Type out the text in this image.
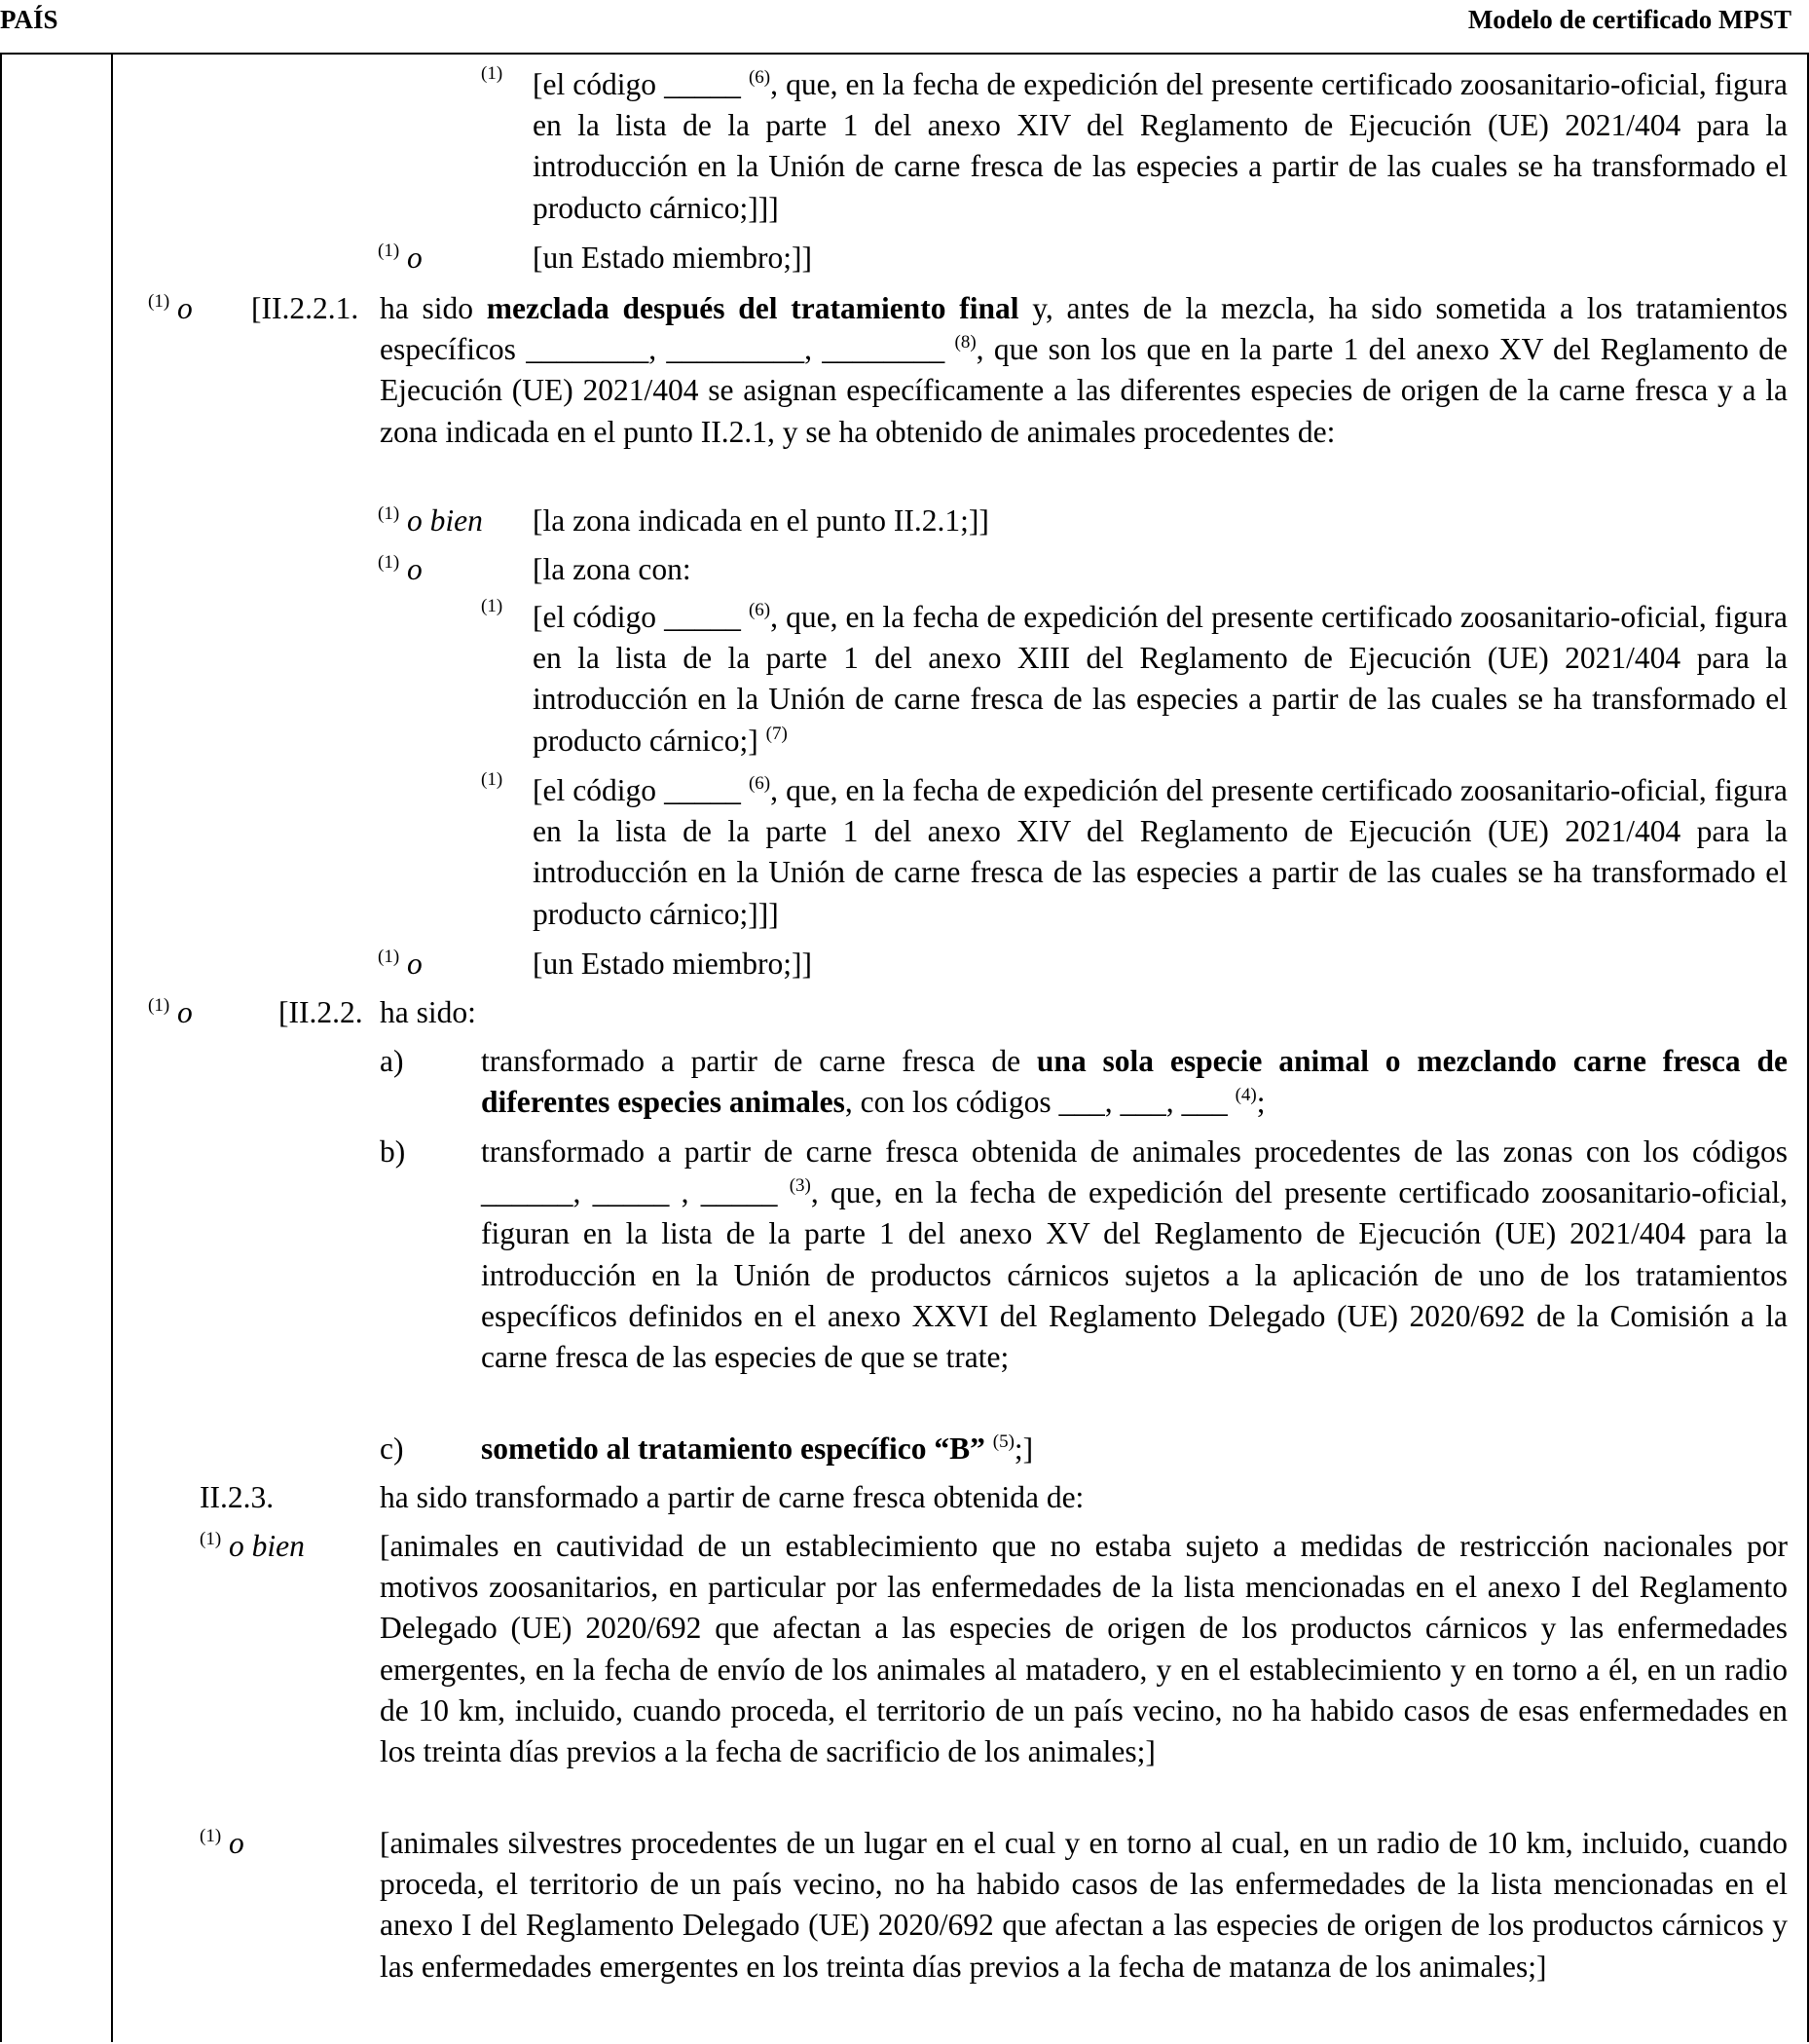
PAÍS	Modelo de certificado MPST
$^{(1)}$ [el código _____ $^{(6)}$, que, en la fecha de expedición del presente certificado zoosanitario-oficial, figura en la lista de la parte 1 del anexo XIV del Reglamento de Ejecución (UE) 2021/404 para la introducción en la Unión de carne fresca de las especies a partir de las cuales se ha transformado el producto cárnico;]]]
$^{(1)}$ o	[un Estado miembro;]]
$^{(1)}$ o [II.2.2.1. ha sido mezclada después del tratamiento final y, antes de la mezcla, ha sido sometida a los tratamientos específicos ________, _________, ________ $^{(8)}$, que son los que en la parte 1 del anexo XV del Reglamento de Ejecución (UE) 2021/404 se asignan específicamente a las diferentes especies de origen de la carne fresca y a la zona indicada en el punto II.2.1, y se ha obtenido de animales procedentes de:
$^{(1)}$ o bien [la zona indicada en el punto II.2.1;]]
$^{(1)}$ o	[la zona con:
$^{(1)}$ [el código _____ $^{(6)}$, que, en la fecha de expedición del presente certificado zoosanitario-oficial, figura en la lista de la parte 1 del anexo XIII del Reglamento de Ejecución (UE) 2021/404 para la introducción en la Unión de carne fresca de las especies a partir de las cuales se ha transformado el producto cárnico;] $^{(7)}$
$^{(1)}$ [el código _____ $^{(6)}$, que, en la fecha de expedición del presente certificado zoosanitario-oficial, figura en la lista de la parte 1 del anexo XIV del Reglamento de Ejecución (UE) 2021/404 para la introducción en la Unión de carne fresca de las especies a partir de las cuales se ha transformado el producto cárnico;]]]
$^{(1)}$ o	[un Estado miembro;]]
$^{(1)}$ o	[II.2.2. ha sido:
a)	transformado a partir de carne fresca de una sola especie animal o mezclando carne fresca de diferentes especies animales, con los códigos ___, ___, ___ $^{(4)}$;
b) transformado a partir de carne fresca obtenida de animales procedentes de las zonas con los códigos ______, _____ , _____ $^{(3)}$, que, en la fecha de expedición del presente certificado zoosanitario-oficial, figuran en la lista de la parte 1 del anexo XV del Reglamento de Ejecución (UE) 2021/404 para la introducción en la Unión de productos cárnicos sujetos a la aplicación de uno de los tratamientos específicos definidos en el anexo XXVI del Reglamento Delegado (UE) 2020/692 de la Comisión a la carne fresca de las especies de que se trate;
c)	sometido al tratamiento específico “B” $^{(5)}$;]
II.2.3.	ha sido transformado a partir de carne fresca obtenida de:
$^{(1)}$ o bien [animales en cautividad de un establecimiento que no estaba sujeto a medidas de restricción nacionales por motivos zoosanitarios, en particular por las enfermedades de la lista mencionadas en el anexo I del Reglamento Delegado (UE) 2020/692 que afectan a las especies de origen de los productos cárnicos y las enfermedades emergentes, en la fecha de envío de los animales al matadero, y en el establecimiento y en torno a él, en un radio de 10 km, incluido, cuando proceda, el territorio de un país vecino, no ha habido casos de esas enfermedades en los treinta días previos a la fecha de sacrificio de los animales;]
$^{(1)}$ o	[animales silvestres procedentes de un lugar en el cual y en torno al cual, en un radio de 10 km, incluido, cuando proceda, el territorio de un país vecino, no ha habido casos de las enfermedades de la lista mencionadas en el anexo I del Reglamento Delegado (UE) 2020/692 que afectan a las especies de origen de los productos cárnicos y las enfermedades emergentes en los treinta días previos a la fecha de matanza de los animales;]
